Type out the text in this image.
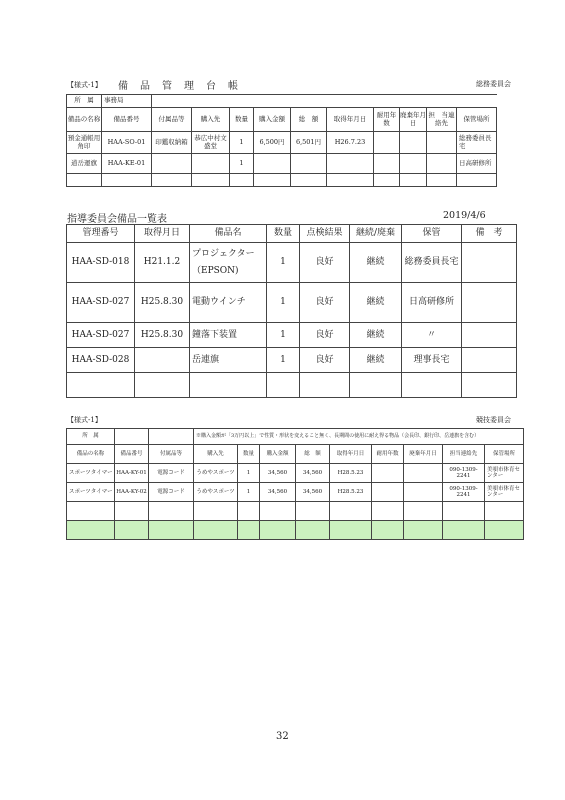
【様式-1】 備　品　管　理　台　帳	総務委員会
所　属	事務局										
備品の名称	備品番号	付属品等	購入先	数量	購入金額	総　額	取得年月日	耐用年数	廃棄年月日	担　当連絡先	保管場所
預金通帳用角印	HAA-SO-01	印鑑収納箱	恭広中村文盛堂	1	6,500円	6,501円	H26.7.23				総務委員長宅
道岳運旗	HAA-KE-01			1							日高研修所

指導委員会備品一覧表	2019/4/6
管理番号	取得月日	備品名	数量	点検結果	継続/廃棄	保管	備　考
HAA-SD-018	H21.1.2	プロジェクター（EPSON)	1	良好	継続	総務委員長宅	
HAA-SD-027	H25.8.30	電動ウインチ	1	良好	継続	日高研修所	
HAA-SD-027	H25.8.30	鐘落下装置	1	良好	継続	〃	
HAA-SD-028		岳連旗	1	良好	継続	理事長宅	

【様式-1】	競技委員会
所　属			※購入金額が「3万円以上」で性質・形状を変えること無く、長期間の使用に耐え得る物品（会長印、銀行印、岳連旗を含む）								
備品の名称	備品番号	付属品等	購入先	数量	購入金額	総　額	取得年月日	耐用年数	廃棄年月日	担当連絡先	保管場所
スポーツタイマー	HAA-KY-01	電源コード	うめやスポーツ	1	34,560	34,560	H28.5.23			090-1309-2241	美唄市体育センター
スポーツタイマー	HAA-KY-02	電源コード	うめやスポーツ	1	34,560	34,560	H28.5.23			090-1309-2241	美唄市体育センター

32
